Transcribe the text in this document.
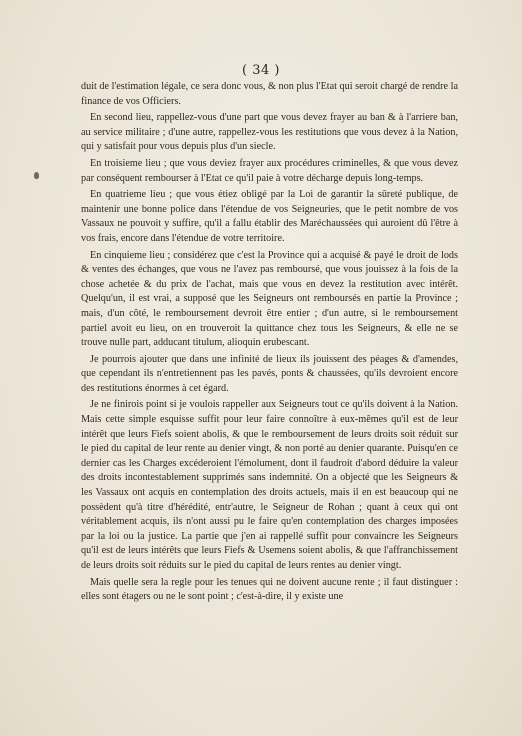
( 34 )

duit de l'estimation légale, ce sera donc vous, & non plus l'Etat qui seroit chargé de rendre la finance de vos Officiers.

En second lieu, rappellez-vous d'une part que vous devez frayer au ban & à l'arriere ban, au service militaire ; d'une autre, rappellez-vous les restitutions que vous devez à la Nation, qui y satisfait pour vous depuis plus d'un siecle.

En troisieme lieu ; que vous deviez frayer aux procédures criminelles, & que vous devez par conséquent rembourser à l'Etat ce qu'il paie à votre décharge depuis long-temps.

En quatrieme lieu ; que vous étiez obligé par la Loi de garantir la sûreté publique, de maintenir une bonne police dans l'étendue de vos Seigneuries, que le petit nombre de vos Vassaux ne pouvoit y suffire, qu'il a fallu établir des Maréchaussées qui auroient dû l'être à vos frais, encore dans l'étendue de votre territoire.

En cinquieme lieu ; considérez que c'est la Province qui a acquisé & payé le droit de lods & ventes des échanges, que vous ne l'avez pas remboursé, que vous jouissez à la fois de la chose achetée & du prix de l'achat, mais que vous en devez la restitution avec intérêt. Quelqu'un, il est vrai, a supposé que les Seigneurs ont remboursés en partie la Province ; mais, d'un côté, le remboursement devroit être entier ; d'un autre, si le remboursement partiel avoit eu lieu, on en trouveroit la quittance chez tous les Seigneurs, & elle ne se trouve nulle part, adducant titulum, alioquin erubescant.

Je pourrois ajouter que dans une infinité de lieux ils jouissent des péages & d'amendes, que cependant ils n'entretiennent pas les pavés, ponts & chaussées, qu'ils devroient encore des restitutions énormes à cet égard.

Je ne finirois point si je voulois rappeller aux Seigneurs tout ce qu'ils doivent à la Nation. Mais cette simple esquisse suffit pour leur faire connoître à eux-mêmes qu'il est de leur intérêt que leurs Fiefs soient abolis, & que le remboursement de leurs droits soit réduit sur le pied du capital de leur rente au denier vingt, & non porté au denier quarante. Puisqu'en ce dernier cas les Charges excéderoient l'émolument, dont il faudroit d'abord déduire la valeur des droits incontestablement supprimés sans indemnité. On a objecté que les Seigneurs & les Vassaux ont acquis en contemplation des droits actuels, mais il en est beaucoup qui ne possèdent qu'à titre d'hérédité, entr'autre, le Seigneur de Rohan ; quant à ceux qui ont véritablement acquis, ils n'ont aussi pu le faire qu'en contemplation des charges imposées par la loi ou la justice. La partie que j'en ai rappellé suffit pour convaincre les Seigneurs qu'il est de leurs intérêts que leurs Fiefs & Usemens soient abolis, & que l'affranchissement de leurs droits soit réduits sur le pied du capital de leurs rentes au denier vingt.

Mais quelle sera la regle pour les tenues qui ne doivent aucune rente ; il faut distinguer : elles sont étagers ou ne le sont point ; c'est-à-dire, il y existe une
